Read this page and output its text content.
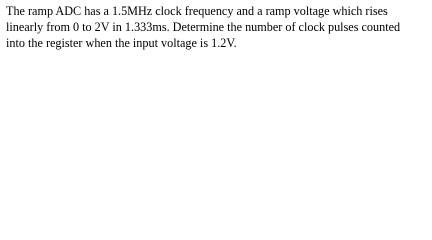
The ramp ADC has a 1.5MHz clock frequency and a ramp voltage which rises
linearly from 0 to 2V in 1.333ms. Determine the number of clock pulses counted
into the register when the input voltage is 1.2V.
